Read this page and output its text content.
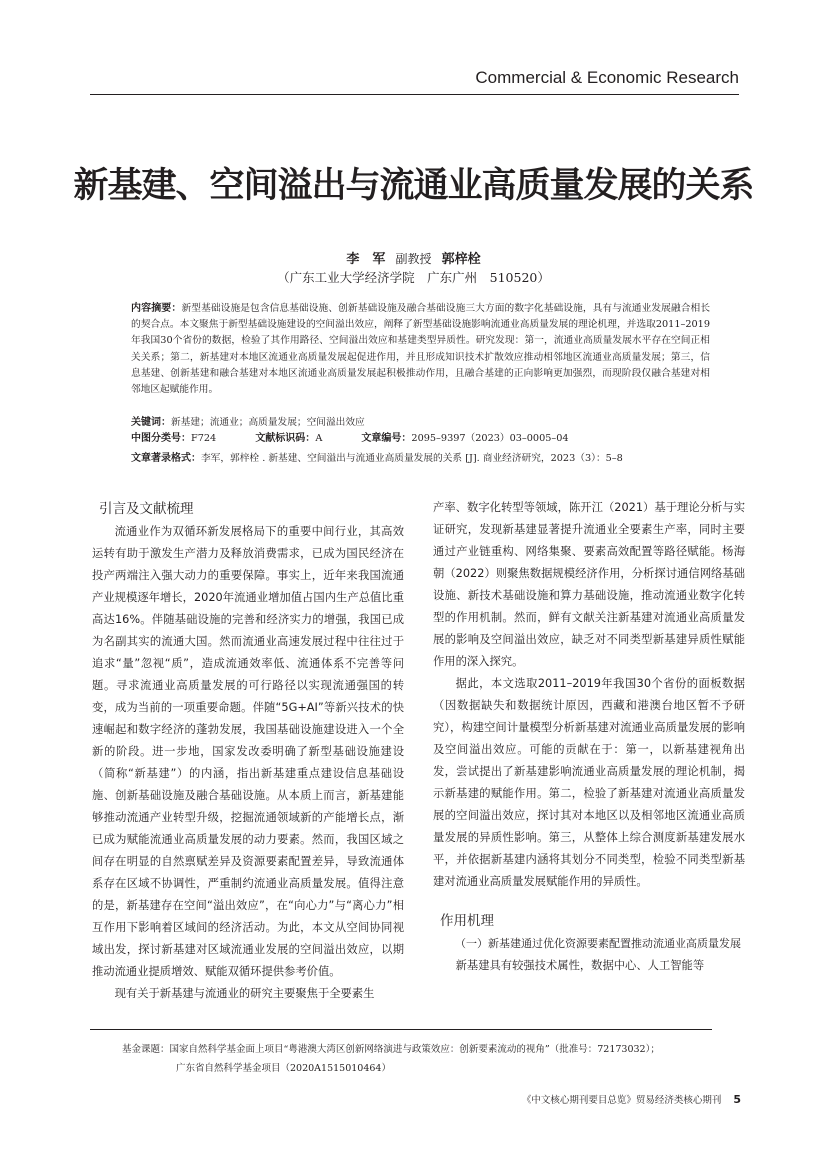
Commercial & Economic Research
新基建、空间溢出与流通业高质量发展的关系
李　军 副教授 郭梓栓
（广东工业大学经济学院　广东广州　510520）
内容摘要：新型基础设施是包含信息基础设施、创新基础设施及融合基础设施三大方面的数字化基础设施，具有与流通业发展融合相长的契合点。本文聚焦于新型基础设施建设的空间溢出效应，阐释了新型基础设施影响流通业高质量发展的理论机理，并选取2011–2019年我国30个省份的数据，检验了其作用路径、空间溢出效应和基建类型异质性。研究发现：第一，流通业高质量发展水平存在空间正相关关系；第二，新基建对本地区流通业高质量发展起促进作用，并且形成知识技术扩散效应推动相邻地区流通业高质量发展；第三，信息基建、创新基建和融合基建对本地区流通业高质量发展起积极推动作用，且融合基建的正向影响更加强烈，而现阶段仅融合基建对相邻地区起赋能作用。
关键词：新基建；流通业；高质量发展；空间溢出效应
中图分类号：F724	文献标识码：A	文章编号：2095–9397（2023）03–0005–04
文章著录格式：李军，郭梓栓 . 新基建、空间溢出与流通业高质量发展的关系 [J]. 商业经济研究，2023（3）：5–8
引言及文献梳理

流通业作为双循环新发展格局下的重要中间行业，其高效运转有助于激发生产潜力及释放消费需求，已成为国民经济在投产两端注入强大动力的重要保障。事实上，近年来我国流通产业规模逐年增长，2020年流通业增加值占国内生产总值比重高达16%。伴随基础设施的完善和经济实力的增强，我国已成为名副其实的流通大国。然而流通业高速发展过程中往往过于追求“量”忽视“质”，造成流通效率低、流通体系不完善等问题。寻求流通业高质量发展的可行路径以实现流通强国的转变，成为当前的一项重要命题。伴随“5G+AI”等新兴技术的快速崛起和数字经济的蓬勃发展，我国基础设施建设进入一个全新的阶段。进一步地，国家发改委明确了新型基础设施建设（简称“新基建”）的内涵，指出新基建重点建设信息基础设施、创新基础设施及融合基础设施。从本质上而言，新基建能够推动流通产业转型升级，挖掘流通领域新的产能增长点，渐已成为赋能流通业高质量发展的动力要素。然而，我国区域之间存在明显的自然禀赋差异及资源要素配置差异，导致流通体系存在区域不协调性，严重制约流通业高质量发展。值得注意的是，新基建存在空间“溢出效应”，在“向心力”与“离心力”相互作用下影响着区域间的经济活动。为此，本文从空间协同视域出发，探讨新基建对区域流通业发展的空间溢出效应，以期推动流通业提质增效、赋能双循环提供参考价值。

现有关于新基建与流通业的研究主要聚焦于全要素生

产率、数字化转型等领域，陈开江（2021）基于理论分析与实证研究，发现新基建显著提升流通业全要素生产率，同时主要通过产业链重构、网络集聚、要素高效配置等路径赋能。杨海朝（2022）则聚焦数据规模经济作用，分析探讨通信网络基础设施、新技术基础设施和算力基础设施，推动流通业数字化转型的作用机制。然而，鲜有文献关注新基建对流通业高质量发展的影响及空间溢出效应，缺乏对不同类型新基建异质性赋能作用的深入探究。

据此，本文选取2011–2019年我国30个省份的面板数据（因数据缺失和数据统计原因，西藏和港澳台地区暂不予研究），构建空间计量模型分析新基建对流通业高质量发展的影响及空间溢出效应。可能的贡献在于：第一，以新基建视角出发，尝试提出了新基建影响流通业高质量发展的理论机制，揭示新基建的赋能作用。第二，检验了新基建对流通业高质量发展的空间溢出效应，探讨其对本地区以及相邻地区流通业高质量发展的异质性影响。第三，从整体上综合测度新基建发展水平，并依据新基建内涵将其划分不同类型，检验不同类型新基建对流通业高质量发展赋能作用的异质性。

作用机理

（一）新基建通过优化资源要素配置推动流通业高质量发展

新基建具有较强技术属性，数据中心、人工智能等

基金课题：国家自然科学基金面上项目“粤港澳大湾区创新网络演进与政策效应：创新要素流动的视角”（批准号：72173032）；
广东省自然科学基金项目（2020A1515010464）
《中文核心期刊要目总览》贸易经济类核心期刊 5
